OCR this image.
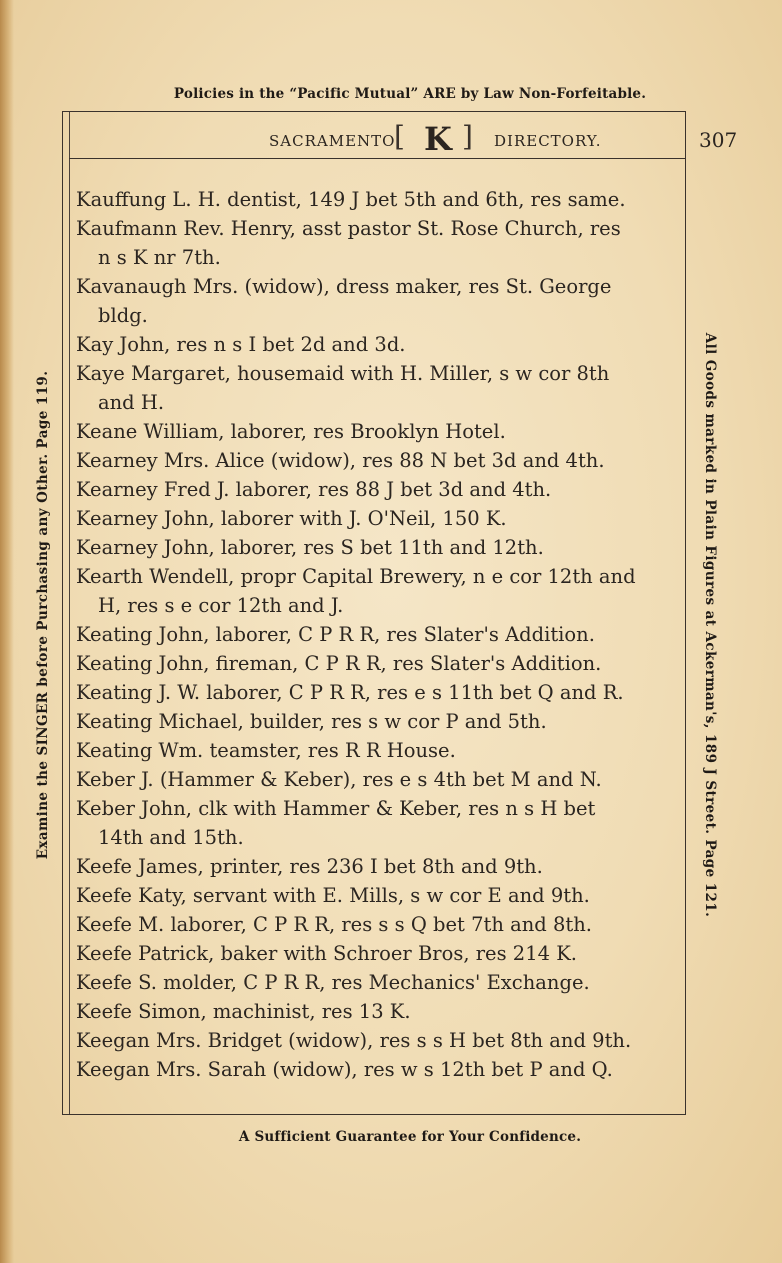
Policies in the “Pacific Mutual” ARE by Law Non-Forfeitable.
Examine the SINGER before Purchasing any Other. Page 119.	All Goods marked in Plain Figures at Ackerman's, 189 J Street. Page 121.
SACRAMENTO
[ K ] DIRECTORY.	307
Kauffung L. H. dentist, 149 J bet 5th and 6th, res same.
Kaufmann Rev. Henry, asst pastor St. Rose Church, res
n s K nr 7th.
Kavanaugh Mrs. (widow), dress maker, res St. George
bldg.
Kay John, res n s I bet 2d and 3d.
Kaye Margaret, housemaid with H. Miller, s w cor 8th
and H.
Keane William, laborer, res Brooklyn Hotel.
Kearney Mrs. Alice (widow), res 88 N bet 3d and 4th.
Kearney Fred J. laborer, res 88 J bet 3d and 4th.
Kearney John, laborer with J. O'Neil, 150 K.
Kearney John, laborer, res S bet 11th and 12th.
Kearth Wendell, propr Capital Brewery, n e cor 12th and
H, res s e cor 12th and J.
Keating John, laborer, C P R R, res Slater's Addition.
Keating John, fireman, C P R R, res Slater's Addition.
Keating J. W. laborer, C P R R, res e s 11th bet Q and R.
Keating Michael, builder, res s w cor P and 5th.
Keating Wm. teamster, res R R House.
Keber J. (Hammer & Keber), res e s 4th bet M and N.
Keber John, clk with Hammer & Keber, res n s H bet
14th and 15th.
Keefe James, printer, res 236 I bet 8th and 9th.
Keefe Katy, servant with E. Mills, s w cor E and 9th.
Keefe M. laborer, C P R R, res s s Q bet 7th and 8th.
Keefe Patrick, baker with Schroer Bros, res 214 K.
Keefe S. molder, C P R R, res Mechanics' Exchange.
Keefe Simon, machinist, res 13 K.
Keegan Mrs. Bridget (widow), res s s H bet 8th and 9th.
Keegan Mrs. Sarah (widow), res w s 12th bet P and Q.
A Sufficient Guarantee for Your Confidence.
